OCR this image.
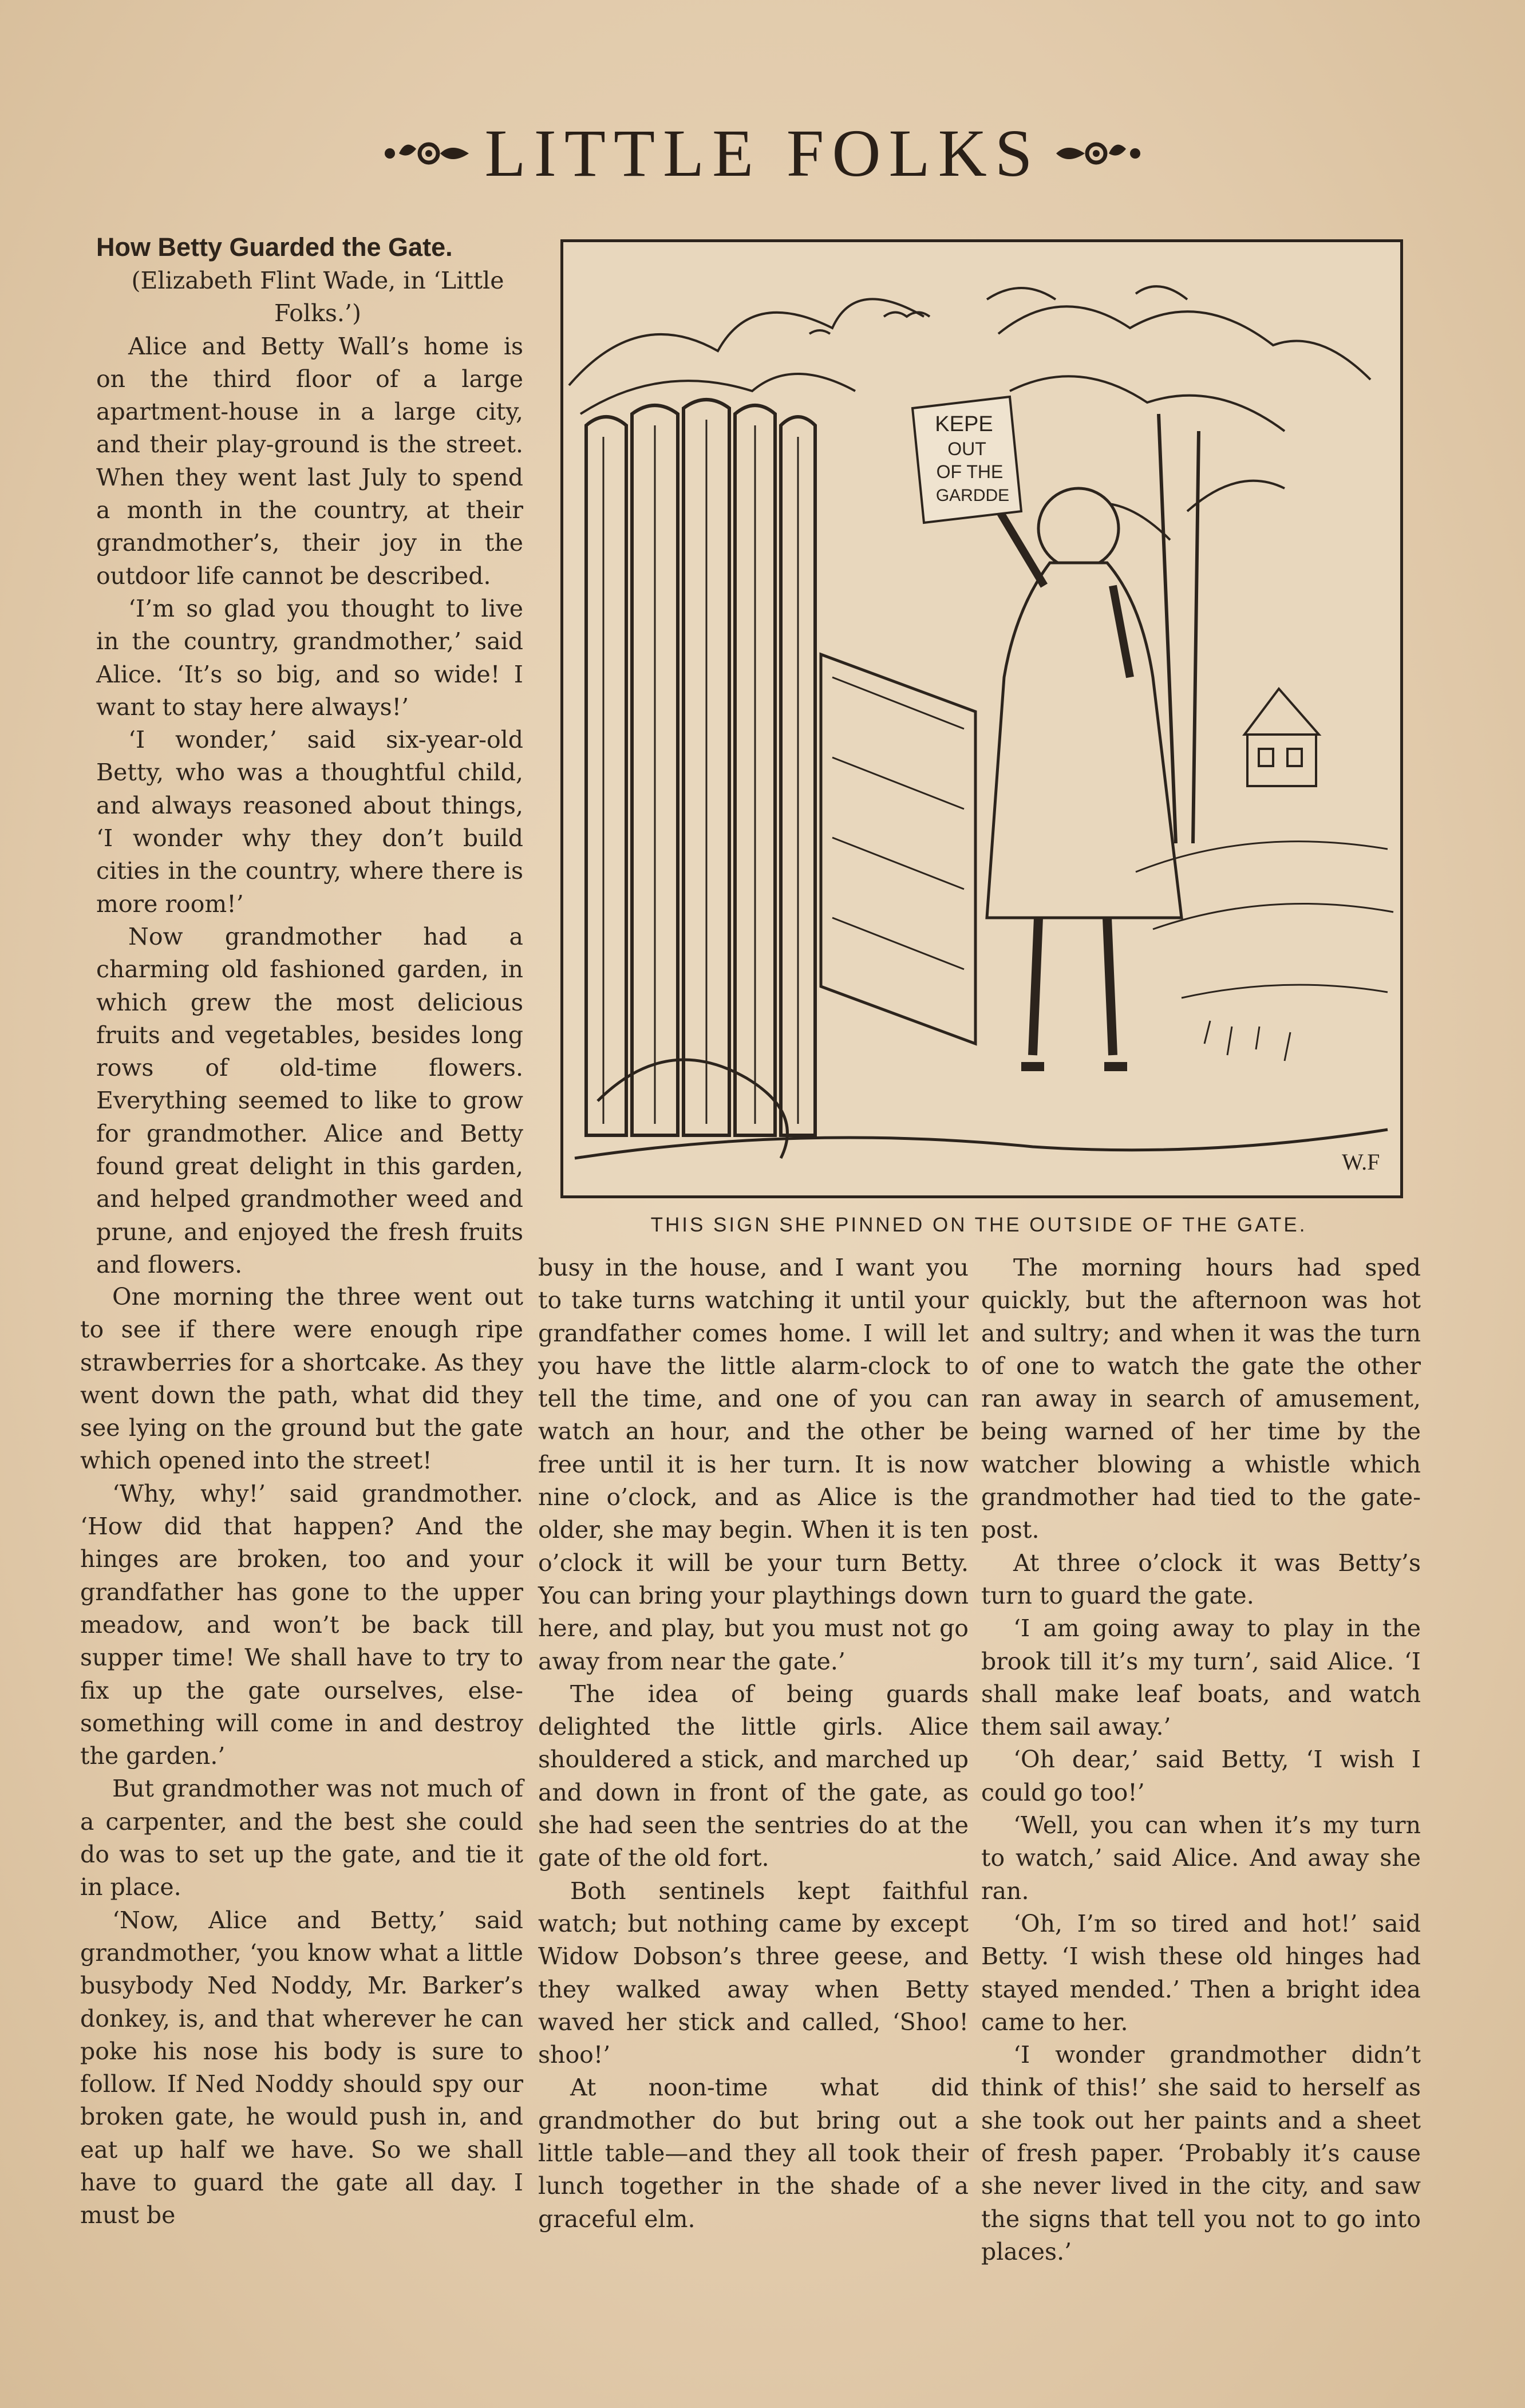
LITTLE FOLKS
How Betty Guarded the Gate.

(Elizabeth Flint Wade, in ‘Little Folks.’)

Alice and Betty Wall’s home is on the third floor of a large apartment-house in a large city, and their play-ground is the street. When they went last July to spend a month in the country, at their grandmother’s, their joy in the outdoor life cannot be described.

‘I’m so glad you thought to live in the country, grandmother,’ said Alice. ‘It’s so big, and so wide! I want to stay here always!’

‘I wonder,’ said six-year-old Betty, who was a thoughtful child, and always reasoned about things, ‘I wonder why they don’t build cities in the country, where there is more room!’

Now grandmother had a charming old fashioned garden, in which grew the most delicious fruits and vegetables, besides long rows of old-time flowers. Everything seemed to like to grow for grandmother. Alice and Betty found great delight in this garden, and helped grandmother weed and prune, and enjoyed the fresh fruits and flowers.

KEPE
OUT
OF THE
GARDDE
W.F
THIS SIGN SHE PINNED ON THE OUTSIDE OF THE GATE.

One morning the three went out to see if there were enough ripe strawberries for a shortcake. As they went down the path, what did they see lying on the ground but the gate which opened into the street!

‘Why, why!’ said grandmother. ‘How did that happen? And the hinges are broken, too and your grandfather has gone to the upper meadow, and won’t be back till supper time! We shall have to try to fix up the gate ourselves, else-something will come in and destroy the garden.’

But grandmother was not much of a carpenter, and the best she could do was to set up the gate, and tie it in place.

‘Now, Alice and Betty,’ said grandmother, ‘you know what a little busybody Ned Noddy, Mr. Barker’s donkey, is, and that wherever he can poke his nose his body is sure to follow. If Ned Noddy should spy our broken gate, he would push in, and eat up half we have. So we shall have to guard the gate all day. I must be

busy in the house, and I want you to take turns watching it until your grandfather comes home. I will let you have the little alarm-clock to tell the time, and one of you can watch an hour, and the other be free until it is her turn. It is now nine o’clock, and as Alice is the older, she may begin. When it is ten o’clock it will be your turn Betty. You can bring your playthings down here, and play, but you must not go away from near the gate.’

The idea of being guards delighted the little girls. Alice shouldered a stick, and marched up and down in front of the gate, as she had seen the sentries do at the gate of the old fort.

Both sentinels kept faithful watch; but nothing came by except Widow Dobson’s three geese, and they walked away when Betty waved her stick and called, ‘Shoo! shoo!’

At noon-time what did grandmother do but bring out a little table—and they all took their lunch together in the shade of a graceful elm.

The morning hours had sped quickly, but the afternoon was hot and sultry; and when it was the turn of one to watch the gate the other ran away in search of amusement, being warned of her time by the watcher blowing a whistle which grandmother had tied to the gate-post.

At three o’clock it was Betty’s turn to guard the gate.

‘I am going away to play in the brook till it’s my turn’, said Alice. ‘I shall make leaf boats, and watch them sail away.’

‘Oh dear,’ said Betty, ‘I wish I could go too!’

‘Well, you can when it’s my turn to watch,’ said Alice. And away she ran.

‘Oh, I’m so tired and hot!’ said Betty. ‘I wish these old hinges had stayed mended.’ Then a bright idea came to her.

‘I wonder grandmother didn’t think of this!’ she said to herself as she took out her paints and a sheet of fresh paper. ‘Probably it’s cause she never lived in the city, and saw the signs that tell you not to go into places.’
